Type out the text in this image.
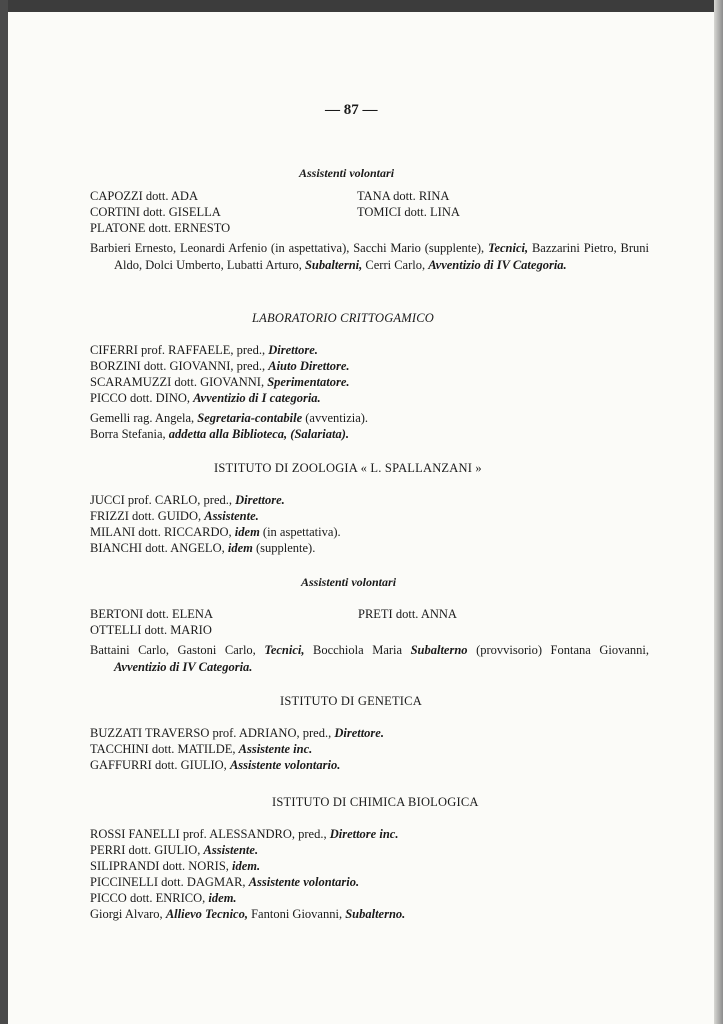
— 87 —
Assistenti volontari
CAPOZZI dott. ADA
CORTINI dott. GISELLA
PLATONE dott. ERNESTO
TANA dott. RINA
TOMICI dott. LINA
Barbieri Ernesto, Leonardi Arfenio (in aspettativa), Sacchi Mario (supplente), Tecnici, Bazzarini Pietro, Bruni Aldo, Dolci Umberto, Lubatti Arturo, Subalterni, Cerri Carlo, Avventizio di IV Categoria.
LABORATORIO CRITTOGAMICO
CIFERRI prof. RAFFAELE, pred., Direttore.
BORZINI dott. GIOVANNI, pred., Aiuto Direttore.
SCARAMUZZI dott. GIOVANNI, Sperimentatore.
PICCO dott. DINO, Avventizio di I categoria.
Gemelli rag. Angela, Segretaria-contabile (avventizia).
Borra Stefania, addetta alla Biblioteca, (Salariata).
ISTITUTO DI ZOOLOGIA « L. SPALLANZANI »
JUCCI prof. CARLO, pred., Direttore.
FRIZZI dott. GUIDO, Assistente.
MILANI dott. RICCARDO, idem (in aspettativa).
BIANCHI dott. ANGELO, idem (supplente).
Assistenti volontari
BERTONI dott. ELENA
OTTELLI dott. MARIO
PRETI dott. ANNA
Battaini Carlo, Gastoni Carlo, Tecnici, Bocchiola Maria Subalterno (provvisorio) Fontana Giovanni, Avventizio di IV Categoria.
ISTITUTO DI GENETICA
BUZZATI TRAVERSO prof. ADRIANO, pred., Direttore.
TACCHINI dott. MATILDE, Assistente inc.
GAFFURRI dott. GIULIO, Assistente volontario.
ISTITUTO DI CHIMICA BIOLOGICA
ROSSI FANELLI prof. ALESSANDRO, pred., Direttore inc.
PERRI dott. GIULIO, Assistente.
SILIPRANDI dott. NORIS, idem.
PICCINELLI dott. DAGMAR, Assistente volontario.
PICCO dott. ENRICO, idem.
Giorgi Alvaro, Allievo Tecnico, Fantoni Giovanni, Subalterno.
